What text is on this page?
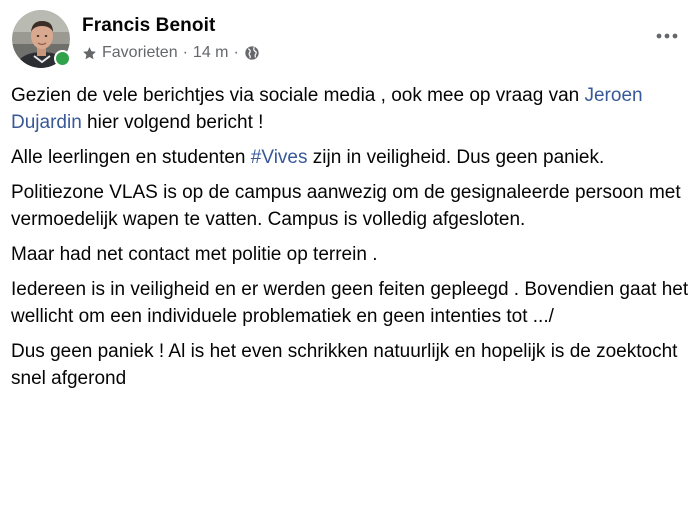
Francis Benoit
Favorieten · 14 m ·

Gezien de vele berichtjes via sociale media , ook mee op vraag van Jeroen Dujardin hier volgend bericht !

Alle leerlingen en studenten #Vives zijn in veiligheid. Dus geen paniek.

Politiezone VLAS is op de campus aanwezig om de gesignaleerde persoon met vermoedelijk wapen te vatten. Campus is volledig afgesloten.

Maar had net contact met politie op terrein .

Iedereen is in veiligheid en er werden geen feiten gepleegd . Bovendien gaat het wellicht om een individuele problematiek en geen intenties tot .../

Dus geen paniek ! Al is het even schrikken natuurlijk en hopelijk is de zoektocht snel afgerond
